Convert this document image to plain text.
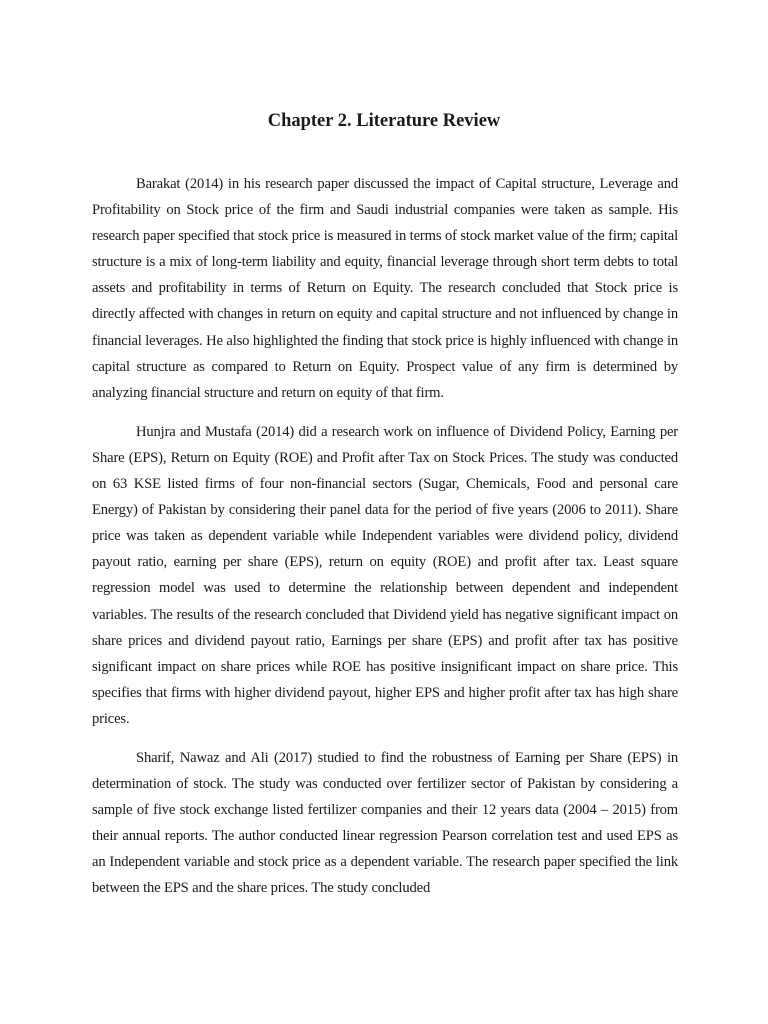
Chapter 2. Literature Review

Barakat (2014) in his research paper discussed the impact of Capital structure, Leverage and Profitability on Stock price of the firm and Saudi industrial companies were taken as sample. His research paper specified that stock price is measured in terms of stock market value of the firm; capital structure is a mix of long-term liability and equity, financial leverage through short term debts to total assets and profitability in terms of Return on Equity. The research concluded that Stock price is directly affected with changes in return on equity and capital structure and not influenced by change in financial leverages. He also highlighted the finding that stock price is highly influenced with change in capital structure as compared to Return on Equity. Prospect value of any firm is determined by analyzing financial structure and return on equity of that firm.

Hunjra and Mustafa (2014) did a research work on influence of Dividend Policy, Earning per Share (EPS), Return on Equity (ROE) and Profit after Tax on Stock Prices. The study was conducted on 63 KSE listed firms of four non-financial sectors (Sugar, Chemicals, Food and personal care Energy) of Pakistan by considering their panel data for the period of five years (2006 to 2011). Share price was taken as dependent variable while Independent variables were dividend policy, dividend payout ratio, earning per share (EPS), return on equity (ROE) and profit after tax. Least square regression model was used to determine the relationship between dependent and independent variables. The results of the research concluded that Dividend yield has negative significant impact on share prices and dividend payout ratio, Earnings per share (EPS) and profit after tax has positive significant impact on share prices while ROE has positive insignificant impact on share price. This specifies that firms with higher dividend payout, higher EPS and higher profit after tax has high share prices.

Sharif, Nawaz and Ali (2017) studied to find the robustness of Earning per Share (EPS) in determination of stock. The study was conducted over fertilizer sector of Pakistan by considering a sample of five stock exchange listed fertilizer companies and their 12 years data (2004 – 2015) from their annual reports. The author conducted linear regression Pearson correlation test and used EPS as an Independent variable and stock price as a dependent variable. The research paper specified the link between the EPS and the share prices. The study concluded
